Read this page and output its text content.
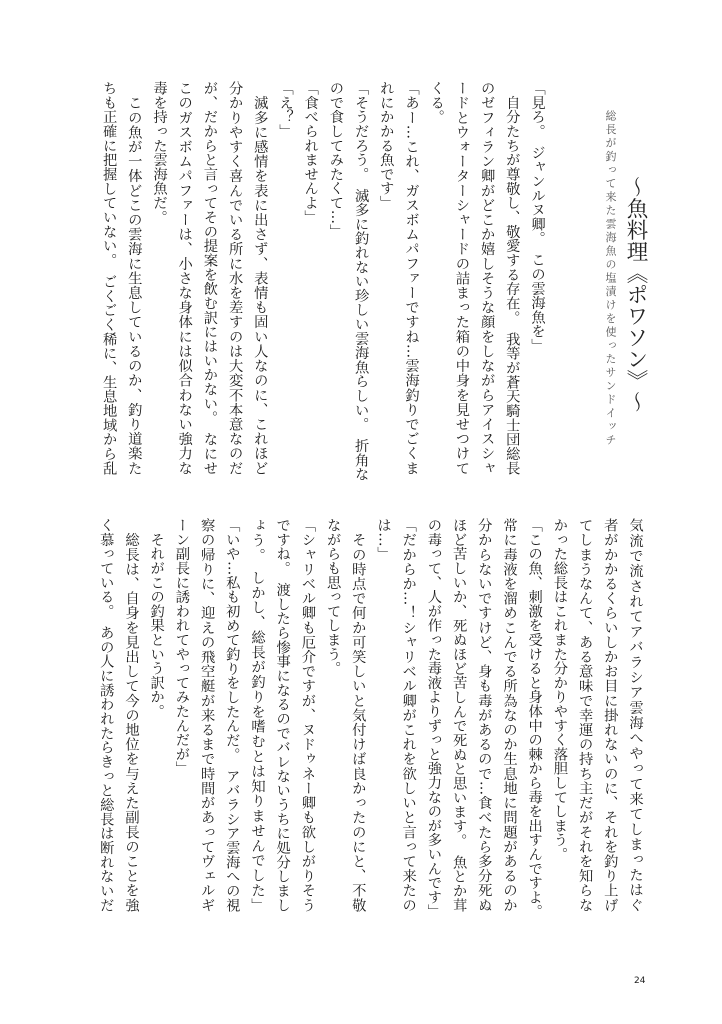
～魚料理《ポワソン》～
総長が釣って来た雲海魚の塩漬けを使ったサンドイッチ
「見ろ。　ジャンルヌ卿。　この雲海魚を」
　自分たちが尊敬し、敬愛する存在。　我等が蒼天騎士団総長
のゼフィラン卿がどこか嬉しそうな顔をしながらアイスシャ
ードとウォーターシャードの詰まった箱の中身を見せつけて
くる。
「あー…これ、ガスボムパファーですね…雲海釣りでごくま
れにかかる魚です」
「そうだろう。　滅多に釣れない珍しい雲海魚らしい。　折角な
ので食してみたくて…」
「食べられませんよ」
「え？」
　滅多に感情を表に出さず、表情も固い人なのに、これほど
分かりやすく喜んでいる所に水を差すのは大変不本意なのだ
が、だからと言ってその提案を飲む訳にはいかない。　なにせ
このガスボムパファーは、小さな身体には似合わない強力な
毒を持った雲海魚だ。
　この魚が一体どこの雲海に生息しているのか、釣り道楽た
ちも正確に把握していない。　ごくごく稀に、生息地域から乱
気流で流されてアバラシア雲海へやって来てしまったはぐ
者がかかるくらいしかお目に掛れないのに、それを釣り上げ
てしまうなんて、ある意味で幸運の持ち主だがそれを知らな
かった総長はこれまた分かりやすく落胆してしまう。
「この魚、刺激を受けると身体中の棘から毒を出すんですよ。
常に毒液を溜めこんでる所為なのか生息地に問題があるのか
分からないですけど、身も毒があるので…食べたら多分死ぬ
ほど苦しいか、死ぬほど苦しんで死ぬと思います。　魚とか茸
の毒って、人が作った毒液よりずっと強力なのが多いんです」
「だからか…！シャリベル卿がこれを欲しいと言って来たの
は…」
　その時点で何か可笑しいと気付けば良かったのにと、不敬
ながらも思ってしまう。
「シャリベル卿も厄介ですが、ヌドゥネー卿も欲しがりそう
ですね。　渡したら惨事になるのでバレないうちに処分しまし
ょう。　しかし、総長が釣りを嗜むとは知りませんでした」
「いや…私も初めて釣りをしたんだ。　アバラシア雲海への視
察の帰りに、迎えの飛空艇が来るまで時間があってヴェルギ
ーン副長に誘われてやってみたんだが」
　それがこの釣果という訳か。
　総長は、自身を見出して今の地位を与えた副長のことを強
く慕っている。　あの人に誘われたらきっと総長は断れないだ
24
